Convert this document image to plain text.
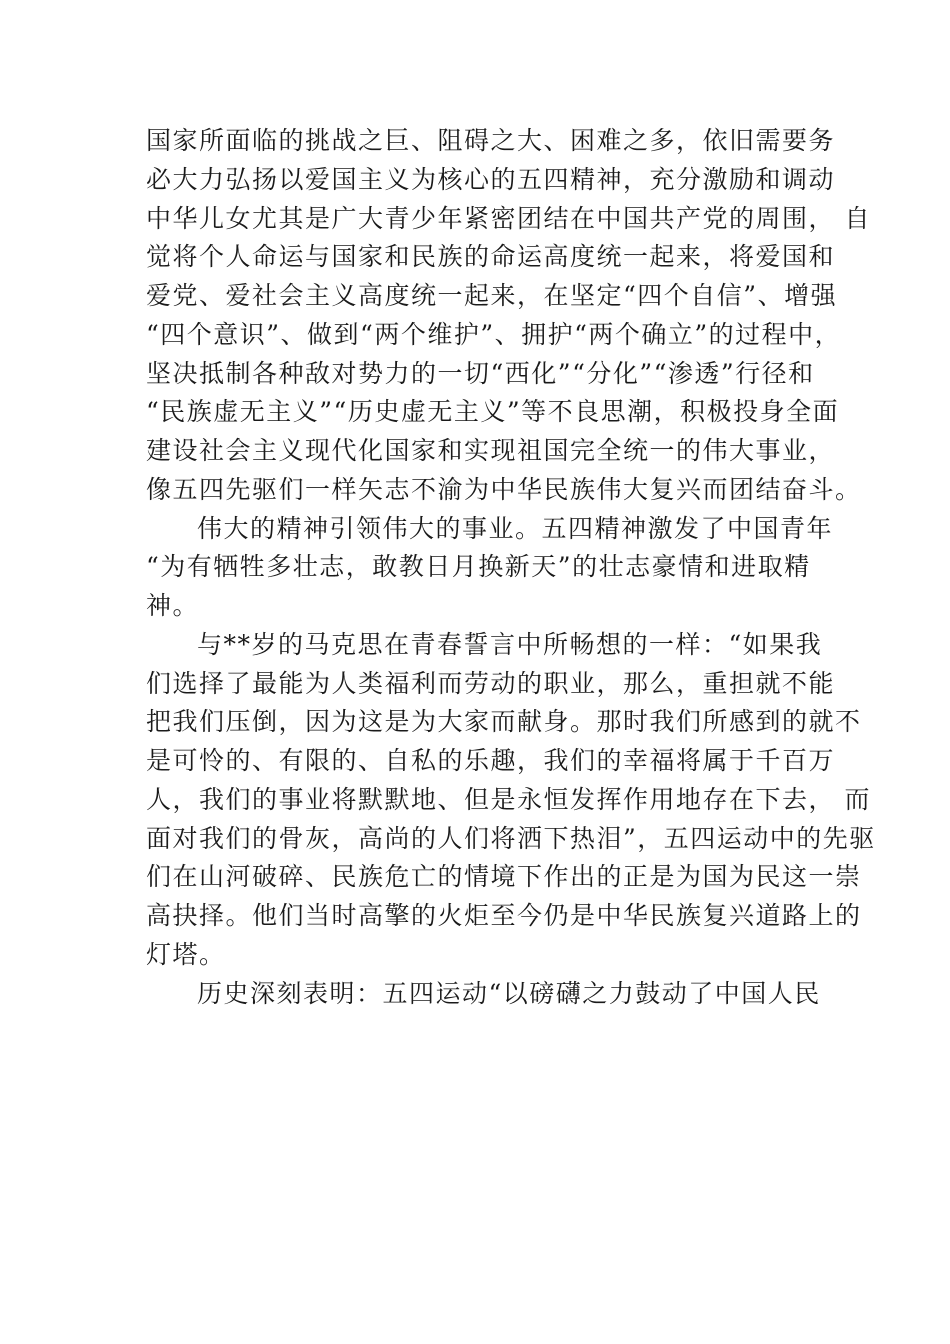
国家所面临的挑战之巨、阻碍之大、困难之多，依旧需要务
必大力弘扬以爱国主义为核心的五四精神，充分激励和调动
中华儿女尤其是广大青少年紧密团结在中国共产党的周围， 自
觉将个人命运与国家和民族的命运高度统一起来，将爱国和
爱党、爱社会主义高度统一起来，在坚定“四个自信”、增强
“四个意识”、做到“两个维护”、拥护“两个确立”的过程中，
坚决抵制各种敌对势力的一切“西化”“分化”“渗透”行径和
“民族虚无主义”“历史虚无主义”等不良思潮，积极投身全面
建设社会主义现代化国家和实现祖国完全统一的伟大事业，
像五四先驱们一样矢志不渝为中华民族伟大复兴而团结奋斗。
伟大的精神引领伟大的事业。五四精神激发了中国青年
“为有牺牲多壮志，敢教日月换新天”的壮志豪情和进取精
神。
与**岁的马克思在青春誓言中所畅想的一样：“如果我
们选择了最能为人类福利而劳动的职业，那么，重担就不能
把我们压倒，因为这是为大家而献身。那时我们所感到的就不
是可怜的、有限的、自私的乐趣，我们的幸福将属于千百万
人，我们的事业将默默地、但是永恒发挥作用地存在下去， 而
面对我们的骨灰，高尚的人们将洒下热泪”，五四运动中的先驱
们在山河破碎、民族危亡的情境下作出的正是为国为民这一崇
高抉择。他们当时高擎的火炬至今仍是中华民族复兴道路上的
灯塔。
历史深刻表明：五四运动“以磅礴之力鼓动了中国人民
